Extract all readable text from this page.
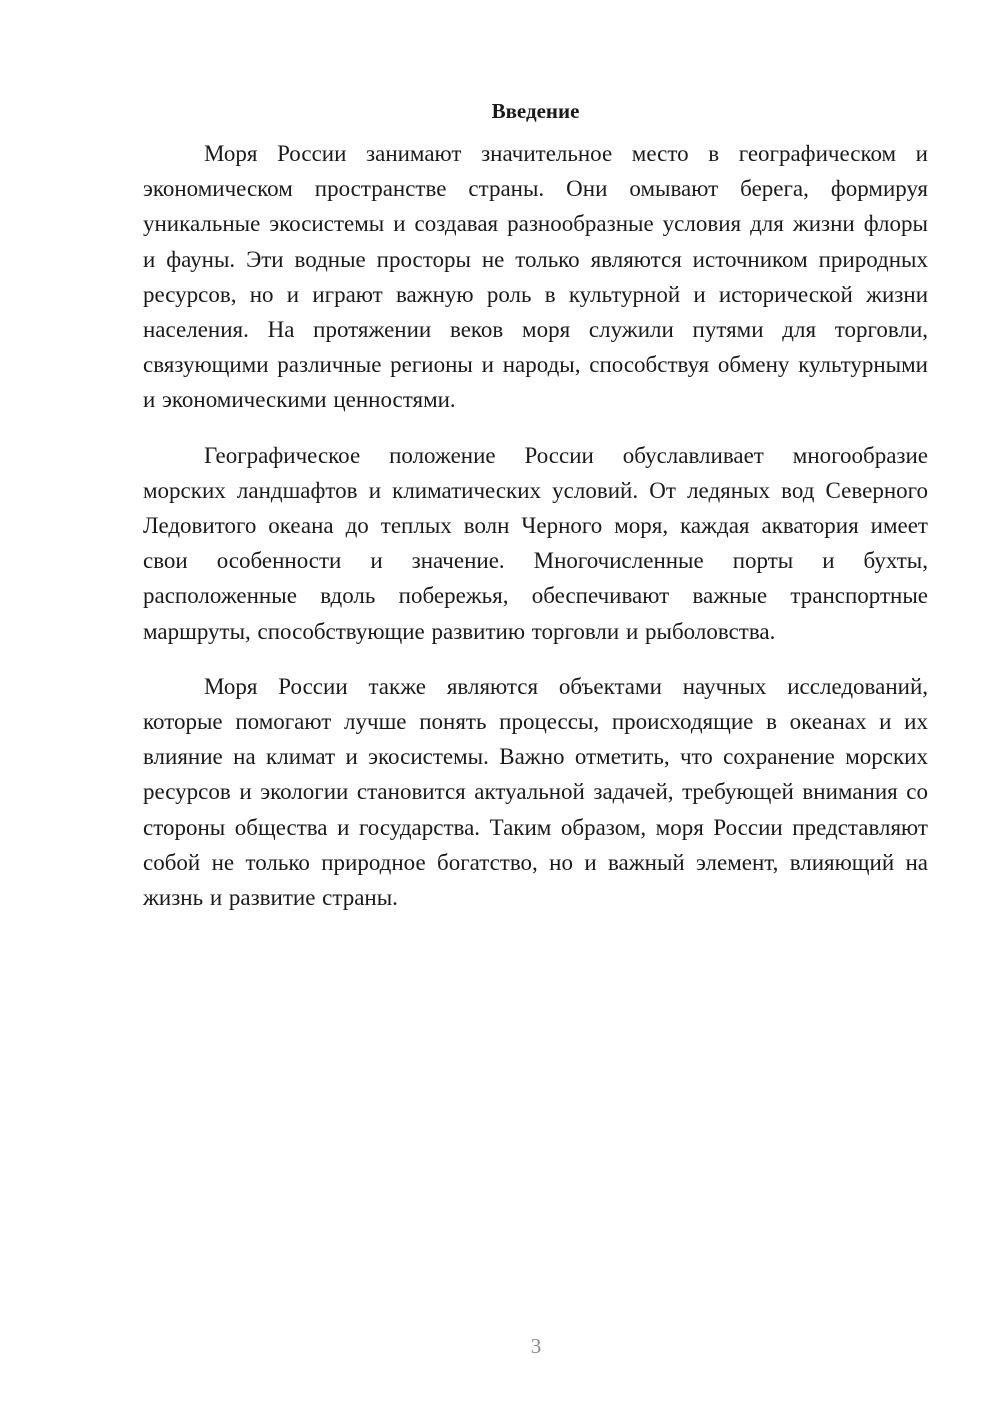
Введение

Моря России занимают значительное место в географическом и экономическом пространстве страны. Они омывают берега, формируя уникальные экосистемы и создавая разнообразные условия для жизни флоры и фауны. Эти водные просторы не только являются источником природных ресурсов, но и играют важную роль в культурной и исторической жизни населения. На протяжении веков моря служили путями для торговли, связующими различные регионы и народы, способствуя обмену культурными и экономическими ценностями.

Географическое положение России обуславливает многообразие морских ландшафтов и климатических условий. От ледяных вод Северного Ледовитого океана до теплых волн Черного моря, каждая акватория имеет свои особенности и значение. Многочисленные порты и бухты, расположенные вдоль побережья, обеспечивают важные транспортные маршруты, способствующие развитию торговли и рыболовства.

Моря России также являются объектами научных исследований, которые помогают лучше понять процессы, происходящие в океанах и их влияние на климат и экосистемы. Важно отметить, что сохранение морских ресурсов и экологии становится актуальной задачей, требующей внимания со стороны общества и государства. Таким образом, моря России представляют собой не только природное богатство, но и важный элемент, влияющий на жизнь и развитие страны.

3
